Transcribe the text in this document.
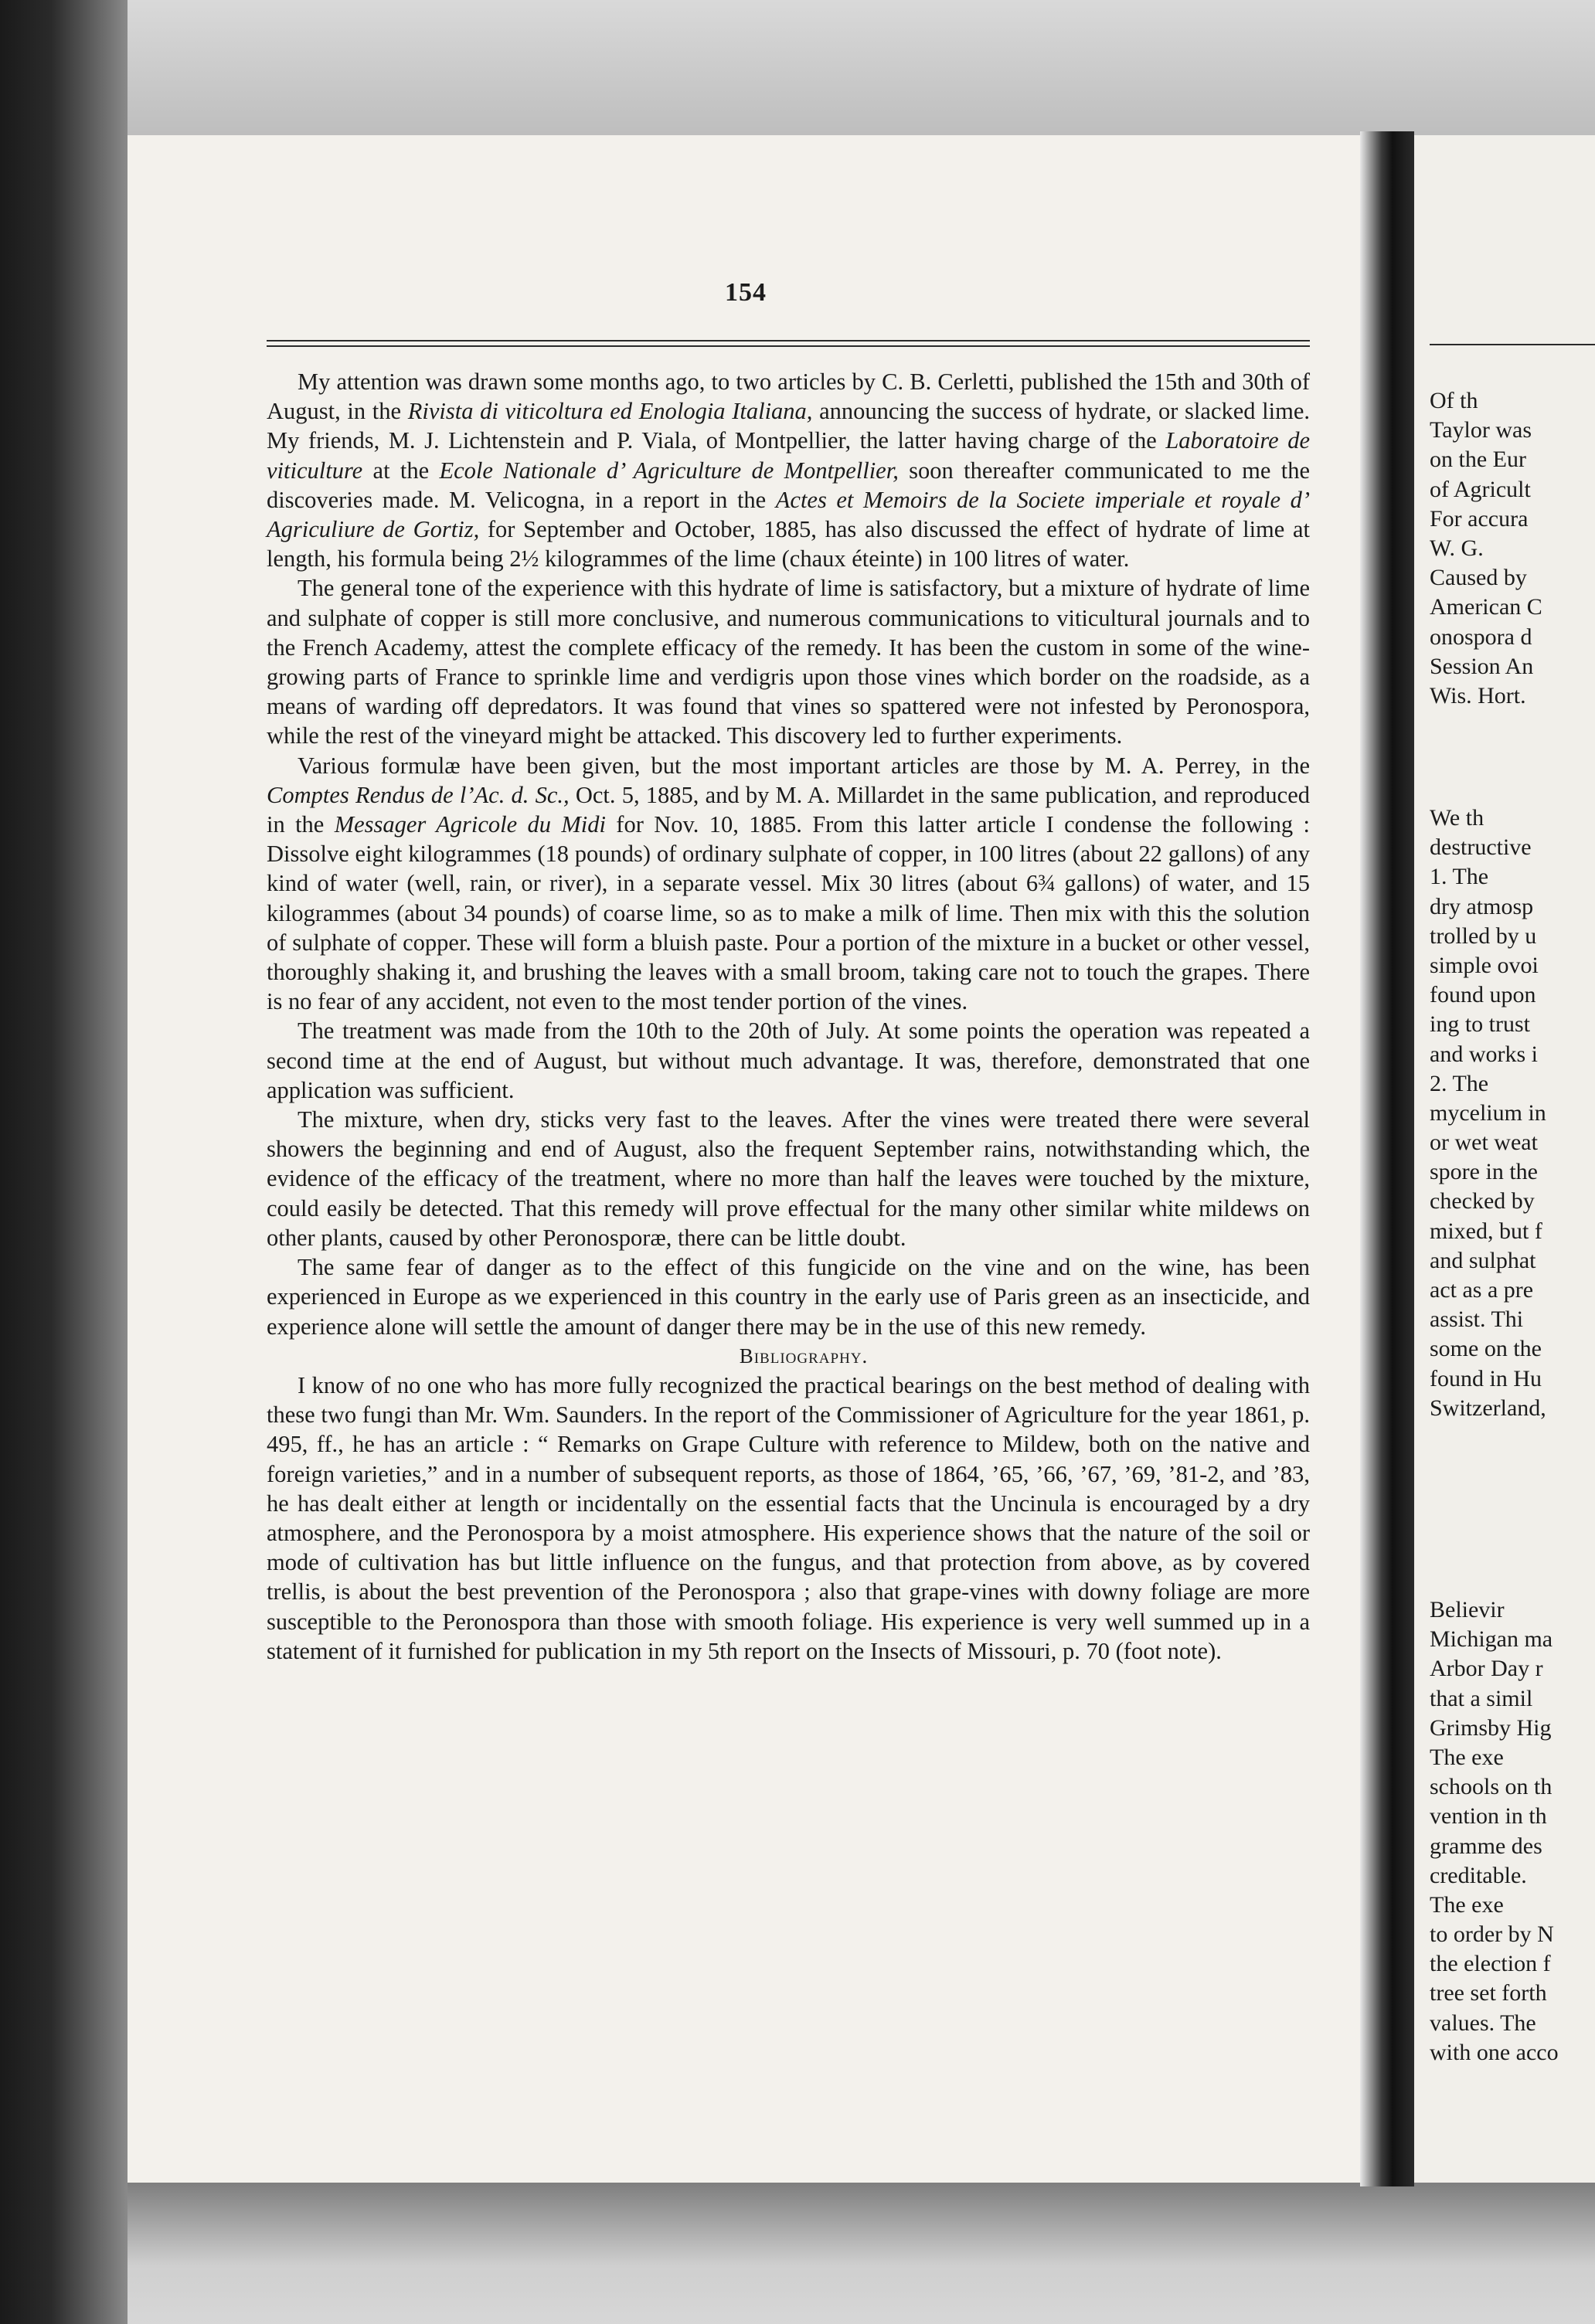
154

My attention was drawn some months ago, to two articles by C. B. Cerletti, published the 15th and 30th of August, in the Rivista di viticoltura ed Enologia Italiana, announcing the success of hydrate, or slacked lime. My friends, M. J. Lichtenstein and P. Viala, of Montpellier, the latter having charge of the Laboratoire de viticulture at the Ecole Nationale d’ Agriculture de Montpellier, soon thereafter communicated to me the discoveries made. M. Velicogna, in a report in the Actes et Memoirs de la Societe imperiale et royale d’ Agriculiure de Gortiz, for September and October, 1885, has also discussed the effect of hydrate of lime at length, his formula being 2½ kilogrammes of the lime (chaux éteinte) in 100 litres of water.

The general tone of the experience with this hydrate of lime is satisfactory, but a mixture of hydrate of lime and sulphate of copper is still more conclusive, and numerous communications to viticultural journals and to the French Academy, attest the complete efficacy of the remedy. It has been the custom in some of the wine-growing parts of France to sprinkle lime and verdigris upon those vines which border on the roadside, as a means of warding off depredators. It was found that vines so spattered were not infested by Peronospora, while the rest of the vineyard might be attacked. This discovery led to further experiments.

Various formulæ have been given, but the most important articles are those by M. A. Perrey, in the Comptes Rendus de l’Ac. d. Sc., Oct. 5, 1885, and by M. A. Millardet in the same publication, and reproduced in the Messager Agricole du Midi for Nov. 10, 1885. From this latter article I condense the following : Dissolve eight kilogrammes (18 pounds) of ordinary sulphate of copper, in 100 litres (about 22 gallons) of any kind of water (well, rain, or river), in a separate vessel. Mix 30 litres (about 6¾ gallons) of water, and 15 kilogrammes (about 34 pounds) of coarse lime, so as to make a milk of lime. Then mix with this the solution of sulphate of copper. These will form a bluish paste. Pour a portion of the mixture in a bucket or other vessel, thoroughly shaking it, and brushing the leaves with a small broom, taking care not to touch the grapes. There is no fear of any accident, not even to the most tender portion of the vines.

The treatment was made from the 10th to the 20th of July. At some points the operation was repeated a second time at the end of August, but without much advantage. It was, therefore, demonstrated that one application was sufficient.

The mixture, when dry, sticks very fast to the leaves. After the vines were treated there were several showers the beginning and end of August, also the frequent September rains, notwithstanding which, the evidence of the efficacy of the treatment, where no more than half the leaves were touched by the mixture, could easily be detected. That this remedy will prove effectual for the many other similar white mildews on other plants, caused by other Peronosporæ, there can be little doubt.

The same fear of danger as to the effect of this fungicide on the vine and on the wine, has been experienced in Europe as we experienced in this country in the early use of Paris green as an insecticide, and experience alone will settle the amount of danger there may be in the use of this new remedy.

Bibliography.

I know of no one who has more fully recognized the practical bearings on the best method of dealing with these two fungi than Mr. Wm. Saunders. In the report of the Commissioner of Agriculture for the year 1861, p. 495, ff., he has an article : “ Remarks on Grape Culture with reference to Mildew, both on the native and foreign varieties,” and in a number of subsequent reports, as those of 1864, ’65, ’66, ’67, ’69, ’81-2, and ’83, he has dealt either at length or incidentally on the essential facts that the Uncinula is encouraged by a dry atmosphere, and the Peronospora by a moist atmosphere. His experience shows that the nature of the soil or mode of cultivation has but little influence on the fungus, and that protection from above, as by covered trellis, is about the best prevention of the Peronospora ; also that grape-vines with downy foliage are more susceptible to the Peronospora than those with smooth foliage. His experience is very well summed up in a statement of it furnished for publication in my 5th report on the Insects of Missouri, p. 70 (foot note).

Of th
Taylor was
on the Eur
of Agricult
For accura
W. G.
Caused by
American C
onospora d
Session An
Wis. Hort.
We th
destructive
1. The
dry atmosp
trolled by u
simple ovoi
found upon
ing to trust
and works i
2. The
mycelium in
or wet weat
spore in the
checked by
mixed, but f
and sulphat
act as a pre
assist. Thi
some on the
found in Hu
Switzerland,
Believir
Michigan ma
Arbor Day r
that a simil
Grimsby Hig
The exe
schools on th
vention in th
gramme des
creditable.
The exe
to order by N
the election f
tree set forth
values. The
with one acco
